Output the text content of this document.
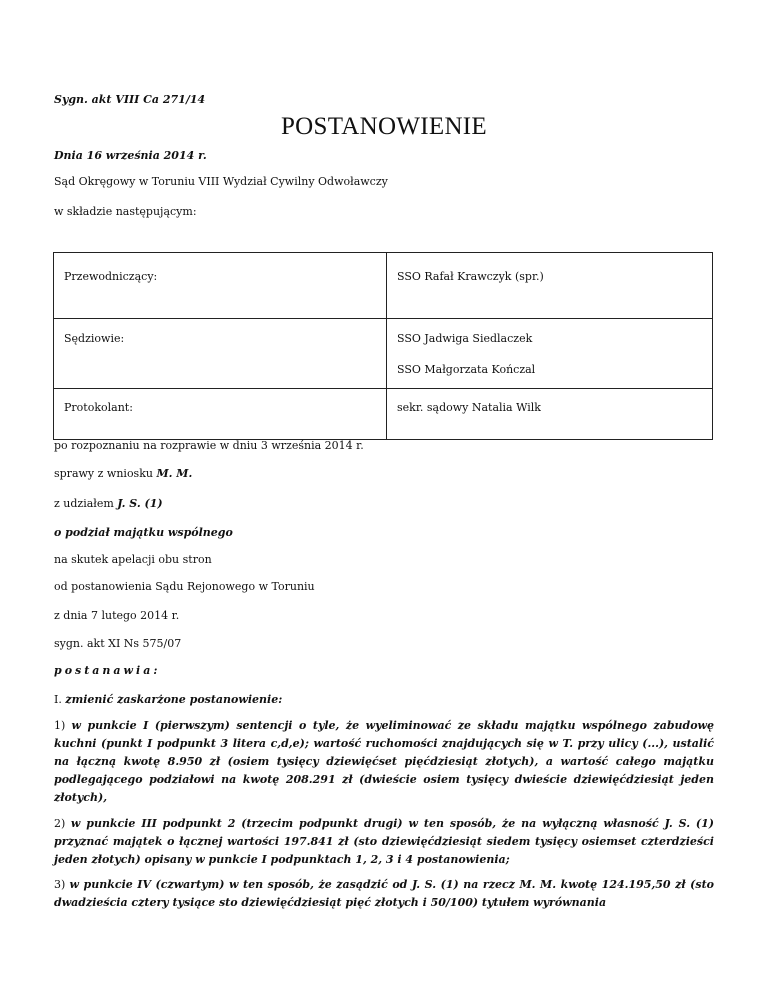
Sygn. akt VIII Ca 271/14
POSTANOWIENIE
Dnia 16 września 2014 r.
Sąd Okręgowy w Toruniu VIII Wydział Cywilny Odwoławczy
w składzie następującym:
Przewodniczący:	SSO Rafał Krawczyk (spr.)
Sędziowie:	SSO Jadwiga Siedlaczek

SSO Małgorzata Kończal

Protokolant:	sekr. sądowy Natalia Wilk
po rozpoznaniu na rozprawie w dniu 3 września 2014 r.
sprawy z wniosku M. M.
z udziałem J. S. (1)
o podział majątku wspólnego
na skutek apelacji obu stron
od postanowienia Sądu Rejonowego w Toruniu
z dnia 7 lutego 2014 r.
sygn. akt XI Ns 575/07
postanawia:
I. zmienić zaskarżone postanowienie:
1) w punkcie I (pierwszym) sentencji o tyle, że wyeliminować ze składu majątku wspólnego zabudowę kuchni (punkt I podpunkt 3 litera c,d,e); wartość ruchomości znajdujących się w T. przy ulicy (...), ustalić na łączną kwotę 8.950 zł (osiem tysięcy dziewięćset pięćdziesiąt złotych), a wartość całego majątku podlegającego podziałowi na kwotę 208.291 zł (dwieście osiem tysięcy dwieście dziewięćdziesiąt jeden złotych),
2) w punkcie III podpunkt 2 (trzecim podpunkt drugi) w ten sposób, że na wyłączną własność J. S. (1) przyznać majątek o łącznej wartości 197.841 zł (sto dziewięćdziesiąt siedem tysięcy osiemset czterdzieści jeden złotych) opisany w punkcie I podpunktach 1, 2, 3 i 4 postanowienia;
3) w punkcie IV (czwartym) w ten sposób, że zasądzić od J. S. (1) na rzecz M. M. kwotę 124.195,50 zł (sto dwadzieścia cztery tysiące sto dziewięćdziesiąt pięć złotych i 50/100) tytułem wyrównania
